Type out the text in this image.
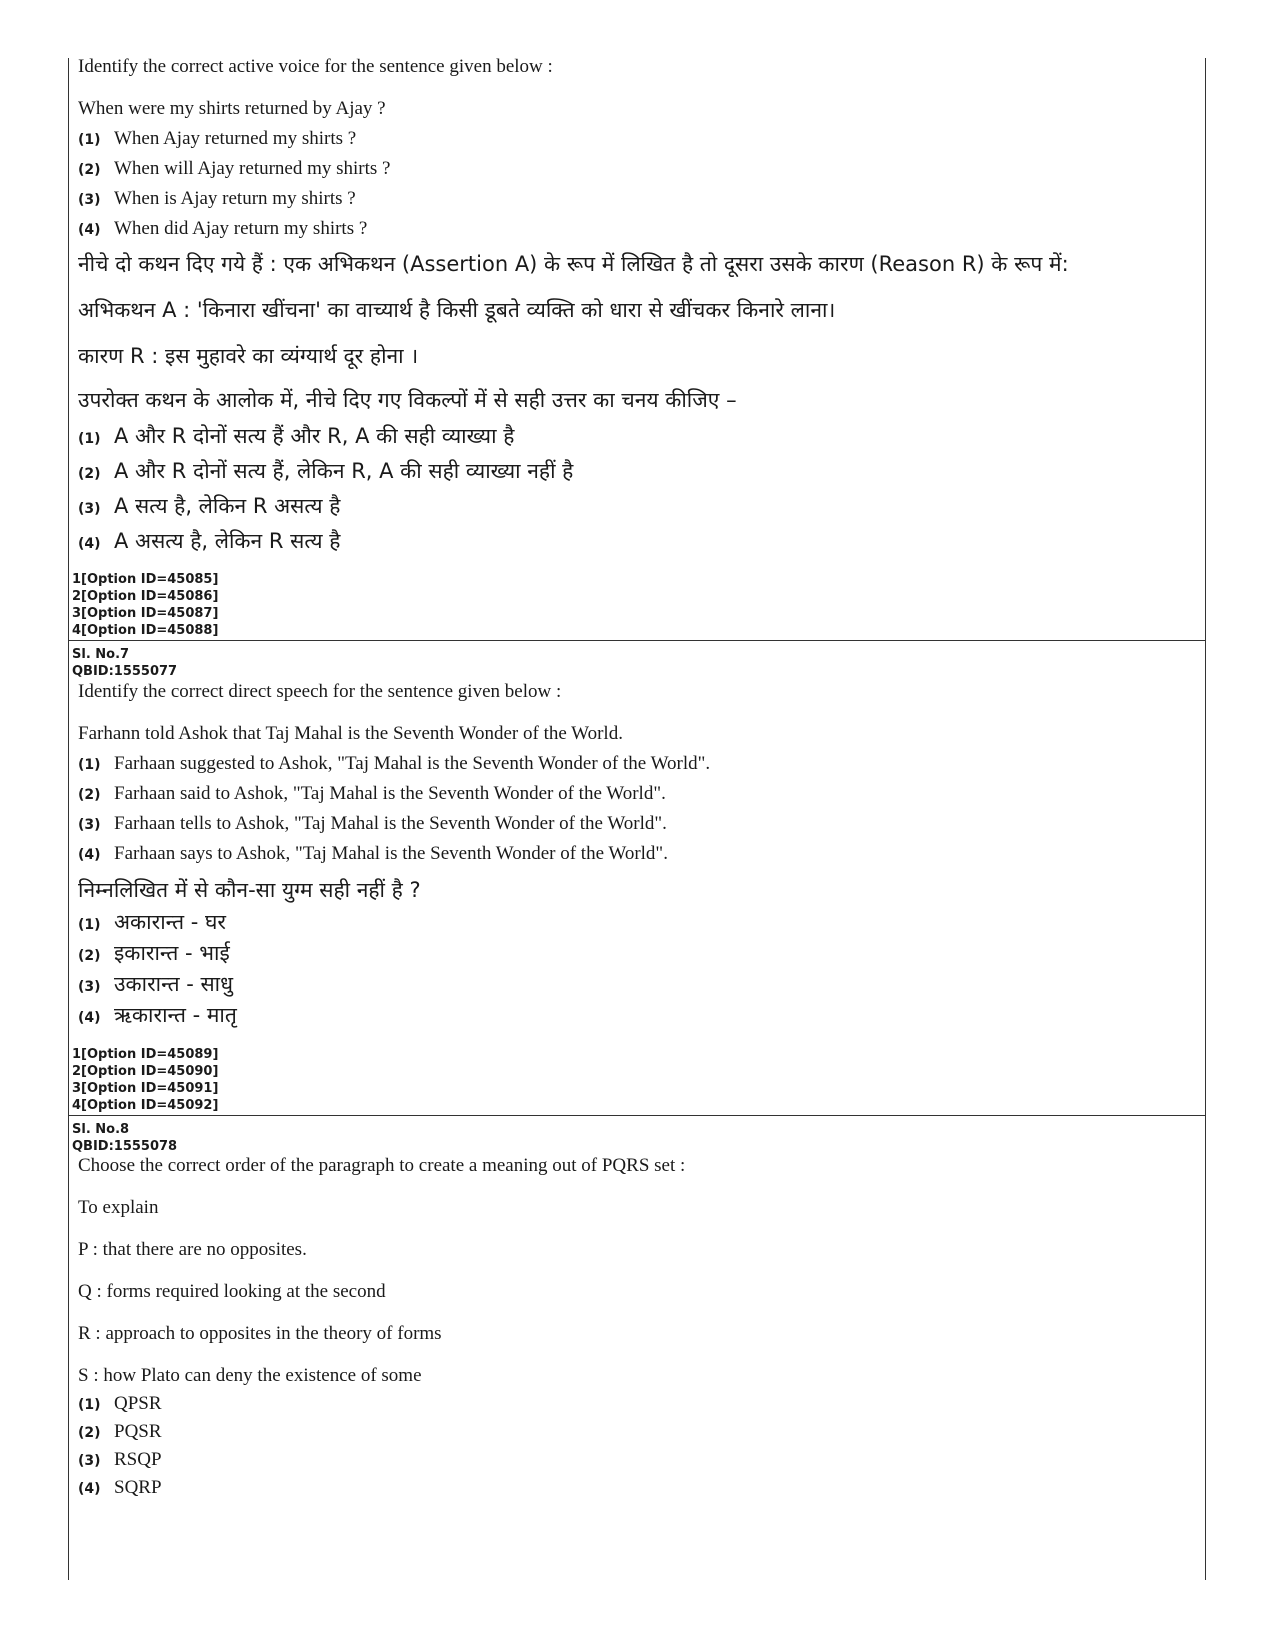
Identify the correct active voice for the sentence given below :
When were my shirts returned by Ajay ?
(1) When Ajay returned my shirts ?
(2) When will Ajay returned my shirts ?
(3) When is Ajay return my shirts ?
(4) When did Ajay return my shirts ?
नीचे दो कथन दिए गये हैं : एक अभिकथन (Assertion A) के रूप में लिखित है तो दूसरा उसके कारण (Reason R) के रूप में:
अभिकथन A : 'किनारा खींचना' का वाच्यार्थ है किसी डूबते व्यक्ति को धारा से खींचकर किनारे लाना।
कारण R : इस मुहावरे का व्यंग्यार्थ दूर होना ।
उपरोक्त कथन के आलोक में, नीचे दिए गए विकल्पों में से सही उत्तर का चनय कीजिए –
(1) A और R दोनों सत्य हैं और R, A की सही व्याख्या है
(2) A और R दोनों सत्य हैं, लेकिन R, A की सही व्याख्या नहीं है
(3) A सत्य है, लेकिन R असत्य है
(4) A असत्य है, लेकिन R सत्य है
1[Option ID=45085]
2[Option ID=45086]
3[Option ID=45087]
4[Option ID=45088]
Sl. No.7
QBID:1555077
Identify the correct direct speech for the sentence given below :
Farhann told Ashok that Taj Mahal is the Seventh Wonder of the World.
(1) Farhaan suggested to Ashok, "Taj Mahal is the Seventh Wonder of the World".
(2) Farhaan said to Ashok, "Taj Mahal is the Seventh Wonder of the World".
(3) Farhaan tells to Ashok, "Taj Mahal is the Seventh Wonder of the World".
(4) Farhaan says to Ashok, "Taj Mahal is the Seventh Wonder of the World".
निम्नलिखित में से कौन-सा युग्म सही नहीं है ?
(1) अकारान्त - घर
(2) इकारान्त - भाई
(3) उकारान्त - साधु
(4) ऋकारान्त - मातृ
1[Option ID=45089]
2[Option ID=45090]
3[Option ID=45091]
4[Option ID=45092]
Sl. No.8
QBID:1555078
Choose the correct order of the paragraph to create a meaning out of PQRS set :
To explain
P : that there are no opposites.
Q : forms required looking at the second
R : approach to opposites in the theory of forms
S : how Plato can deny the existence of some
(1) QPSR
(2) PQSR
(3) RSQP
(4) SQRP
